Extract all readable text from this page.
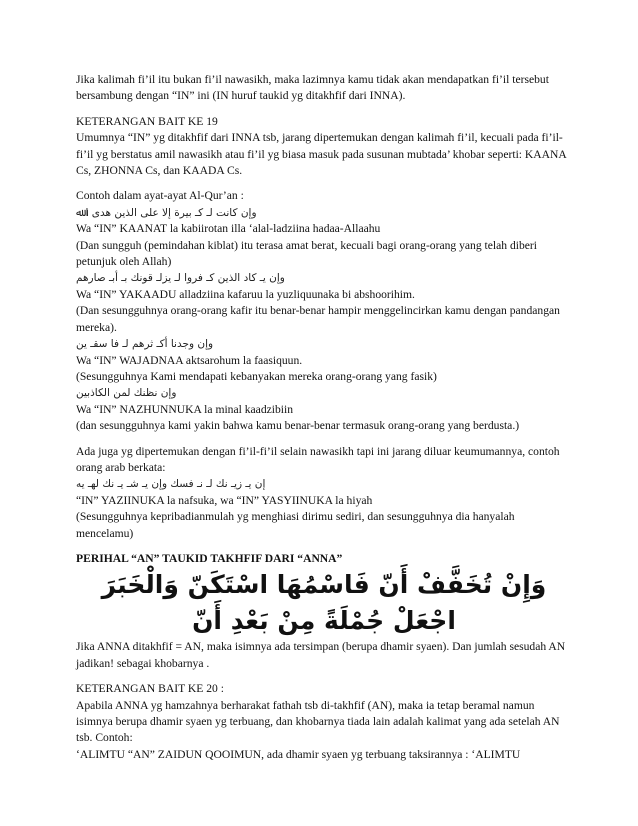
Jika kalimah fi’il itu bukan fi’il nawasikh, maka lazimnya kamu tidak akan mendapatkan fi’il tersebut bersambung dengan “IN” ini (IN huruf taukid yg ditakhfif dari INNA).

KETERANGAN BAIT KE 19

Umumnya “IN” yg ditakhfif dari INNA tsb, jarang dipertemukan dengan kalimah fi’il, kecuali pada fi’il-fi’il yg berstatus amil nawasikh atau fi’il yg biasa masuk pada susunan mubtada’ khobar seperti: KAANA Cs, ZHONNA Cs, dan KAADA Cs.

Contoh dalam ayat-ayat Al-Qur’an :

وإن كانت لـ كـ بيرة إلا على الذين هدى ا ﷲ

Wa “IN” KAANAT la kabiirotan illa ‘alal-ladziina hadaa-Allaahu

(Dan sungguh (pemindahan kiblat) itu terasa amat berat, kecuali bagi orang-orang yang telah diberi petunjuk oleh Allah)

وإن يـ كاد الذين كـ فروا لـ يزلـ قونك بـ أبـ صارهم

Wa “IN” YAKAADU alladziina kafaruu la yuzliquunaka bi abshoorihim.

(Dan sesungguhnya orang-orang kafir itu benar-benar hampir menggelincirkan kamu dengan pandangan mereka).

وإن وجدنا أكـ ثرهم لـ فا سقـ ين

Wa “IN” WAJADNAA aktsarohum la faasiquun.

(Sesungguhnya Kami mendapati kebanyakan mereka orang-orang yang fasik)

وإن نظنك لمن الكاذبين

Wa “IN” NAZHUNNUKA la minal kaadzibiin

(dan sesungguhnya kami yakin bahwa kamu benar-benar termasuk orang-orang yang berdusta.)

Ada juga yg dipertemukan dengan fi’il-fi’il selain nawasikh tapi ini jarang diluar keumumannya, contoh orang arab berkata:

إن يـ زيـ نك لـ نـ فسك وإن يـ شـ يـ نك لهـ يه

“IN” YAZIINUKA la nafsuka, wa “IN” YASYIINUKA la hiyah

(Sesungguhnya kepribadianmulah yg menghiasi dirimu sediri, dan sesungguhnya dia hanyalah mencelamu)

PERIHAL “AN” TAUKID TAKHFIF DARI “ANNA”

وَإِنْ تُخَفَّفْ أَنّ فَاسْمُهَا اسْتَكَنّ وَالْخَبَرَ اجْعَلْ جُمْلَةً مِنْ بَعْدِ أَنّ

Jika ANNA ditakhfif = AN, maka isimnya ada tersimpan (berupa dhamir syaen). Dan jumlah sesudah AN jadikan! sebagai khobarnya .

KETERANGAN BAIT KE 20 :

Apabila ANNA yg hamzahnya berharakat fathah tsb di-takhfif (AN), maka ia tetap beramal namun isimnya berupa dhamir syaen yg terbuang, dan khobarnya tiada lain adalah kalimat yang ada setelah AN tsb. Contoh:

‘ALIMTU “AN” ZAIDUN QOOIMUN, ada dhamir syaen yg terbuang taksirannya : ‘ALIMTU
